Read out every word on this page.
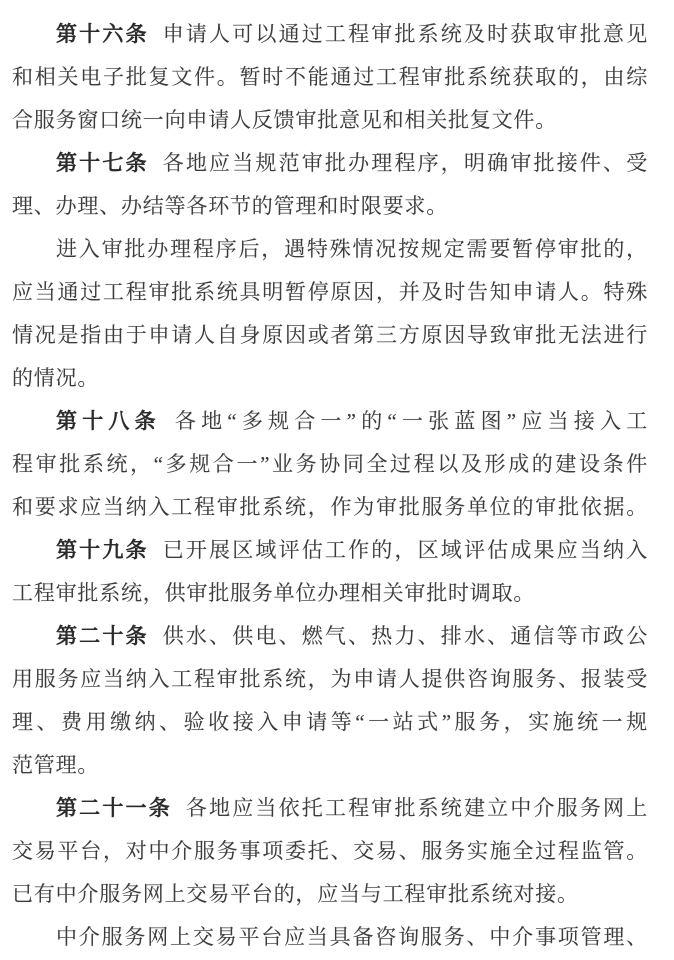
第十六条 申请人可以通过工程审批系统及时获取审批意见
和相关电子批复文件。暂时不能通过工程审批系统获取的，由综
合服务窗口统一向申请人反馈审批意见和相关批复文件。
第十七条 各地应当规范审批办理程序，明确审批接件、受
理、办理、办结等各环节的管理和时限要求。
进入审批办理程序后，遇特殊情况按规定需要暂停审批的，
应当通过工程审批系统具明暂停原因，并及时告知申请人。特殊
情况是指由于申请人自身原因或者第三方原因导致审批无法进行
的情况。
第十八条 各地“多规合一”的“一张蓝图”应当接入工
程审批系统，“多规合一”业务协同全过程以及形成的建设条件
和要求应当纳入工程审批系统，作为审批服务单位的审批依据。
第十九条 已开展区域评估工作的，区域评估成果应当纳入
工程审批系统，供审批服务单位办理相关审批时调取。
第二十条 供水、供电、燃气、热力、排水、通信等市政公
用服务应当纳入工程审批系统，为申请人提供咨询服务、报装受
理、费用缴纳、验收接入申请等“一站式”服务，实施统一规
范管理。
第二十一条 各地应当依托工程审批系统建立中介服务网上
交易平台，对中介服务事项委托、交易、服务实施全过程监管。
已有中介服务网上交易平台的，应当与工程审批系统对接。
中介服务网上交易平台应当具备咨询服务、中介事项管理、
